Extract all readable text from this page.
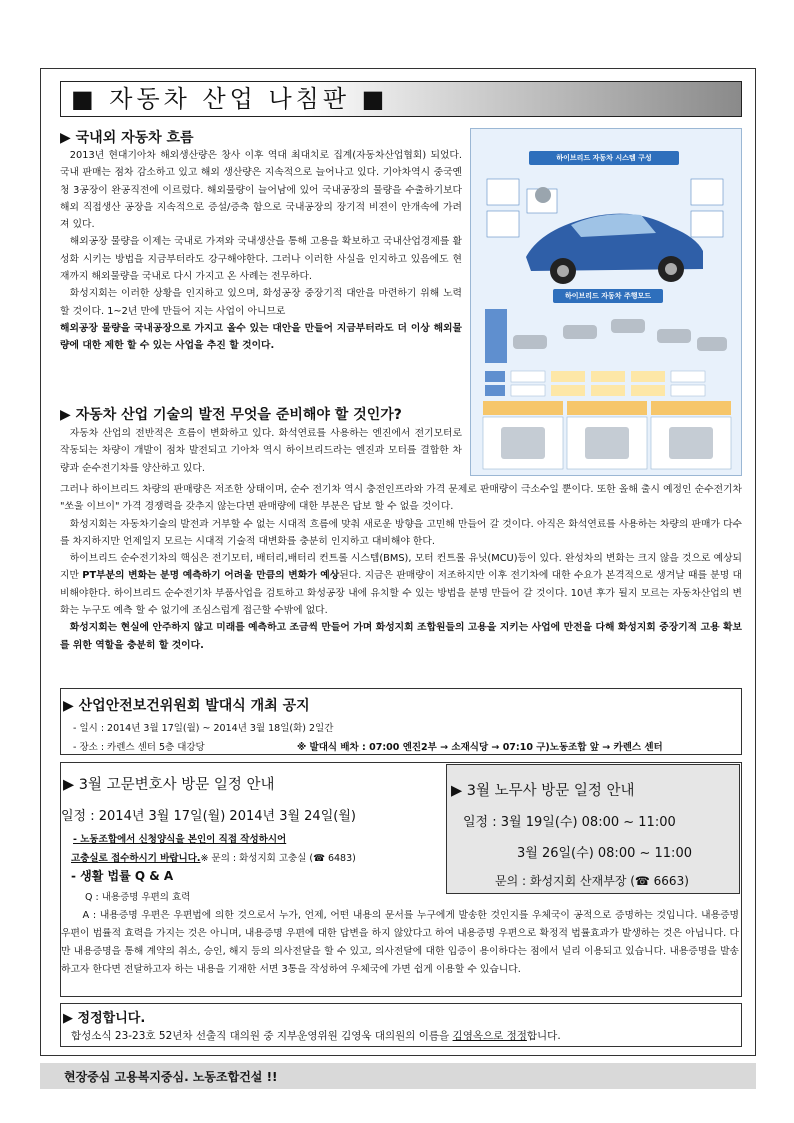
■ 자동차 산업 나침판 ■
▶ 국내외 자동차 흐름

2013년 현대기아차 해외생산량은 창사 이후 역대 최대치로 집계(자동차산업협회) 되었다. 국내 판매는 점차 감소하고 있고 해외 생산량은 지속적으로 늘어나고 있다. 기아차역시 중국옌청 3공장이 완공직전에 이르렀다. 해외물량이 늘어남에 있어 국내공장의 물량을 수출하기보다 해외 직접생산 공장을 지속적으로 증설/증축 함으로 국내공장의 장기적 비젼이 안개속에 가려져 있다.

해외공장 물량을 이제는 국내로 가져와 국내생산을 통해 고용을 확보하고 국내산업경제를 활성화 시키는 방법을 지금부터라도 강구해야한다. 그러나 이러한 사실을 인지하고 있음에도 현재까지 해외물량을 국내로 다시 가지고 온 사례는 전무하다.

화성지회는 이러한 상황을 인지하고 있으며, 화성공장 중장기적 대안을 마련하기 위해 노력할 것이다. 1~2년 만에 만들어 지는 사업이 아니므로

해외공장 물량을 국내공장으로 가지고 올수 있는 대안을 만들어 지금부터라도 더 이상 해외물량에 대한 제한 할 수 있는 사업을 추진 할 것이다.

▶ 자동차 산업 기술의 발전 무엇을 준비해야 할 것인가?

자동차 산업의 전반적은 흐름이 변화하고 있다. 화석연료를 사용하는 엔진에서 전기모터로 작동되는 차량이 개발이 점차 발전되고 기아차 역시 하이브리드라는 엔진과 모터를 결합한 차량과 순수전기차를 양산하고 있다.

그러나 하이브리드 차량의 판매량은 저조한 상태이며, 순수 전기차 역시 충전인프라와 가격 문제로 판매량이 극소수일 뿐이다. 또한 올해 출시 예정인 순수전기차 "쏘울 이브이" 가격 경쟁력을 갖추지 않는다면 판매량에 대한 부분은 답보 할 수 없을 것이다.

화성지회는 자동차기술의 발전과 거부할 수 없는 시대적 흐름에 맞춰 새로운 방향을 고민해 만들어 갈 것이다. 아직은 화석연료를 사용하는 차량의 판매가 다수를 차지하지만 언제일지 모르는 시대적 기술적 대변화를 충분히 인지하고 대비해야 한다.

하이브리드 순수전기차의 핵심은 전기모터, 배터리,배터리 컨트롤 시스템(BMS), 모터 컨트롤 유닛(MCU)등이 있다. 완성차의 변화는 크지 않을 것으로 예상되지만 PT부분의 변화는 분명 예측하기 어려울 만큼의 변화가 예상된다. 지금은 판매량이 저조하지만 이후 전기차에 대한 수요가 본격적으로 생겨날 때를 분명 대비해야한다. 하이브리드 순수전기차 부품사업을 검토하고 화성공장 내에 유치할 수 있는 방법을 분명 만들어 갈 것이다. 10년 후가 될지 모르는 자동차산업의 변화는 누구도 예측 할 수 없기에 조심스럽게 접근할 수밖에 없다.

화성지회는 현실에 안주하지 않고 미래를 예측하고 조금씩 만들어 가며 화성지회 조합원들의 고용을 지키는 사업에 만전을 다해 화성지회 중장기적 고용 확보를 위한 역할을 충분히 할 것이다.

하이브리드 자동차 시스템 구성
하이브리드 자동차 주행모드
▶ 산업안전보건위원회 발대식 개최 공지
- 일시 : 2014년 3월 17일(월) ~ 2014년 3월 18일(화) 2일간
- 장소 : 카렌스 센터 5층 대강당	※ 발대식 배차 : 07:00 엔진2부 → 소재식당 → 07:10 구)노동조합 앞 → 카렌스 센터
▶ 3월 고문변호사 방문 일정 안내
일정 : 2014년 3월 17일(월) 2014년 3월 24일(월)
- 노동조합에서 신청양식을 본인이 직접 작성하시어
고충실로 접수하시기 바랍니다.※ 문의 : 화성지회 고충실 (☎ 6483)
- 생활 법률 Q & A
Q : 내용증명 우편의 효력

A : 내용증명 우편은 우편법에 의한 것으로서 누가, 언제, 어떤 내용의 문서를 누구에게 발송한 것인지를 우체국이 공적으로 증명하는 것입니다. 내용증명 우편이 법률적 효력을 가지는 것은 아니며, 내용증명 우편에 대한 답변을 하지 않았다고 하여 내용증명 우편으로 확정적 법률효과가 발생하는 것은 아닙니다. 다만 내용증명을 통해 계약의 취소, 승인, 해지 등의 의사전달을 할 수 있고, 의사전달에 대한 입증이 용이하다는 점에서 널리 이용되고 있습니다. 내용증명을 발송하고자 한다면 전달하고자 하는 내용을 기재한 서면 3통을 작성하여 우체국에 가면 쉽게 이용할 수 있습니다.

▶ 3월 노무사 방문 일정 안내
일정 : 3월 19일(수) 08:00 ~ 11:00
3월 26일(수) 08:00 ~ 11:00
문의 : 화성지회 산재부장 (☎ 6663)
▶ 정정합니다.
합성소식 23-23호 52년차 선출직 대의원 중 지부운영위원 김영욱 대의원의 이름을 김영옥으로 정정합니다.
현장중심 고용복지중심. 노동조합건설 !!
